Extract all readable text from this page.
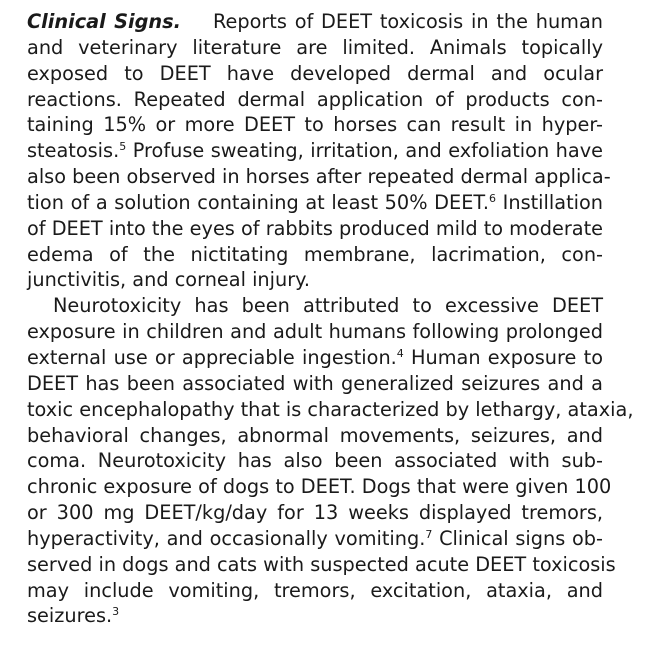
Clinical Signs. Reports of DEET toxicosis in the human
and veterinary literature are limited. Animals topically
exposed to DEET have developed dermal and ocular
reactions. Repeated dermal application of products con-
taining 15% or more DEET to horses can result in hyper-
steatosis.$^5$ Profuse sweating, irritation, and exfoliation have
also been observed in horses after repeated dermal applica-
tion of a solution containing at least 50% DEET.$^6$ Instillation
of DEET into the eyes of rabbits produced mild to moderate
edema of the nictitating membrane, lacrimation, con-
junctivitis, and corneal injury.
Neurotoxicity has been attributed to excessive DEET
exposure in children and adult humans following prolonged
external use or appreciable ingestion.$^4$ Human exposure to
DEET has been associated with generalized seizures and a
toxic encephalopathy that is characterized by lethargy, ataxia,
behavioral changes, abnormal movements, seizures, and
coma. Neurotoxicity has also been associated with sub-
chronic exposure of dogs to DEET. Dogs that were given 100
or 300 mg DEET/kg/day for 13 weeks displayed tremors,
hyperactivity, and occasionally vomiting.$^7$ Clinical signs ob-
served in dogs and cats with suspected acute DEET toxicosis
may include vomiting, tremors, excitation, ataxia, and
seizures.$^3$
